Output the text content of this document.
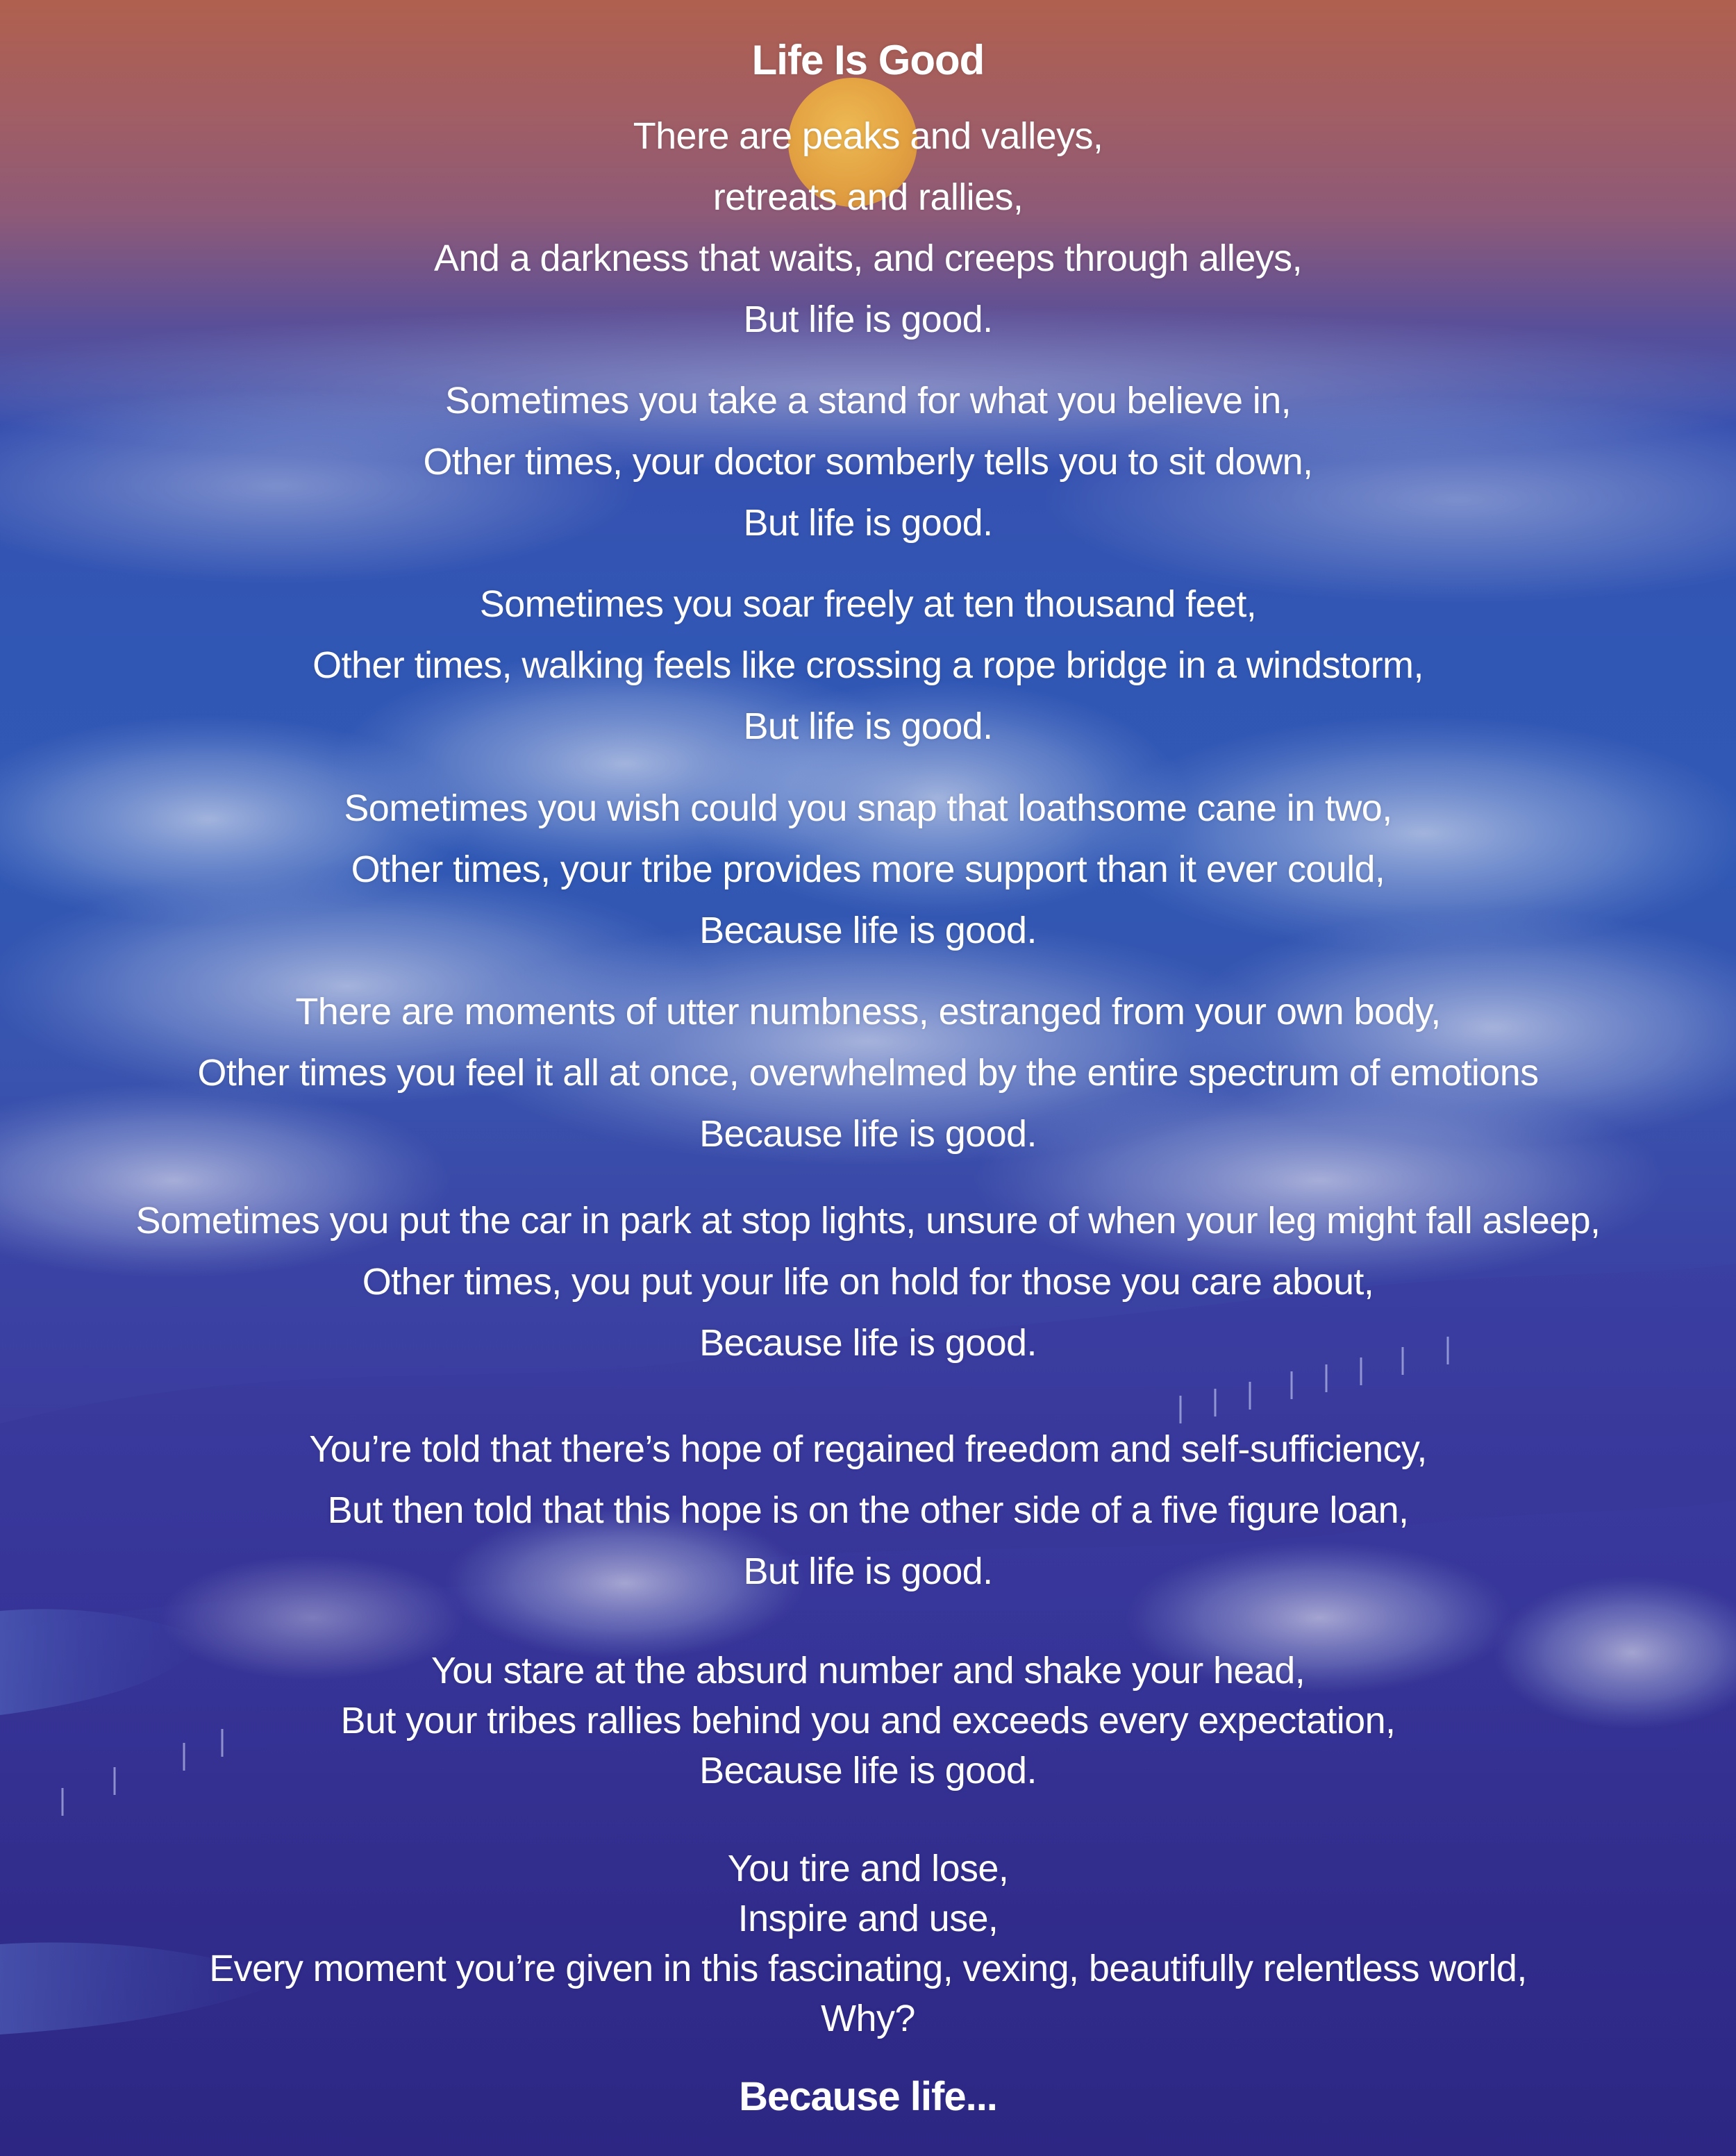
Life Is Good
There are peaks and valleys,
retreats and rallies,
And a darkness that waits, and creeps through alleys,
But life is good.
Sometimes you take a stand for what you believe in,
Other times, your doctor somberly tells you to sit down,
But life is good.
Sometimes you soar freely at ten thousand feet,
Other times, walking feels like crossing a rope bridge in a windstorm,
But life is good.
Sometimes you wish could you snap that loathsome cane in two,
Other times, your tribe provides more support than it ever could,
Because life is good.
There are moments of utter numbness, estranged from your own body,
Other times you feel it all at once, overwhelmed by the entire spectrum of emotions
Because life is good.
Sometimes you put the car in park at stop lights, unsure of when your leg might fall asleep,
Other times, you put your life on hold for those you care about,
Because life is good.
You’re told that there’s hope of regained freedom and self-sufficiency,
But then told that this hope is on the other side of a five figure loan,
But life is good.
You stare at the absurd number and shake your head,
But your tribes rallies behind you and exceeds every expectation,
Because life is good.
You tire and lose,
Inspire and use,
Every moment you’re given in this fascinating, vexing, beautifully relentless world,
Why?
Because life...
